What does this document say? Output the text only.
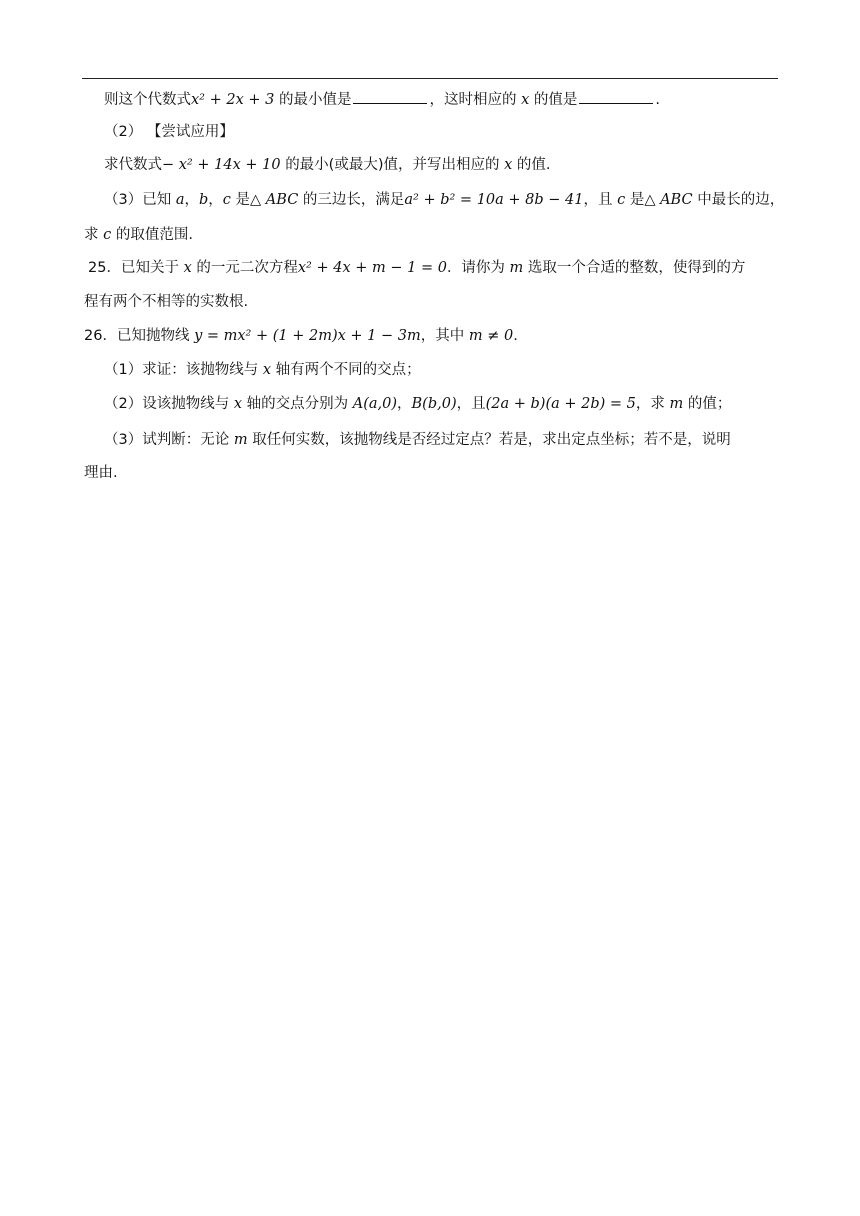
则这个代数式x² + 2x + 3 的最小值是	，这时相应的 x 的值是	.
（2） 【尝试应用】
求代数式− x² + 14x + 10 的最小(或最大)值，并写出相应的 x 的值.
（3）已知 a，b，c 是△ ABC 的三边长，满足a² + b² = 10a + 8b − 41，且 c 是△ ABC 中最长的边，
求 c 的取值范围.
25．已知关于 x 的一元二次方程x² + 4x + m − 1 = 0．请你为 m 选取一个合适的整数，使得到的方
程有两个不相等的实数根.
26．已知抛物线 y = mx² + (1 + 2m)x + 1 − 3m，其中 m ≠ 0.
（1）求证：该抛物线与 x 轴有两个不同的交点；
（2）设该抛物线与 x 轴的交点分别为 A(a,0)，B(b,0)，且(2a + b)(a + 2b) = 5，求 m 的值；
（3）试判断：无论 m 取任何实数，该抛物线是否经过定点？若是，求出定点坐标；若不是，说明
理由.
